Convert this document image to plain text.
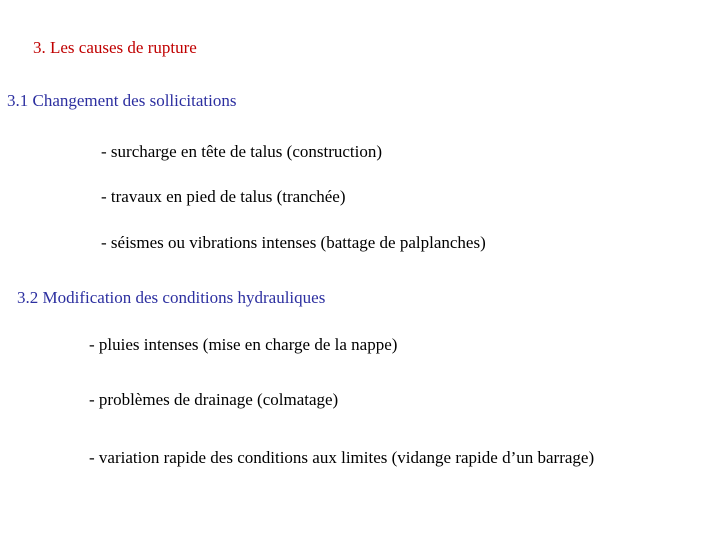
3. Les causes de rupture
3.1 Changement des sollicitations
- surcharge en tête de talus (construction)
- travaux en pied de talus (tranchée)
- séismes ou vibrations intenses (battage de palplanches)
3.2 Modification des conditions hydrauliques
- pluies intenses (mise en charge de la nappe)
- problèmes de drainage (colmatage)
- variation rapide des conditions aux limites (vidange rapide d’un barrage)
